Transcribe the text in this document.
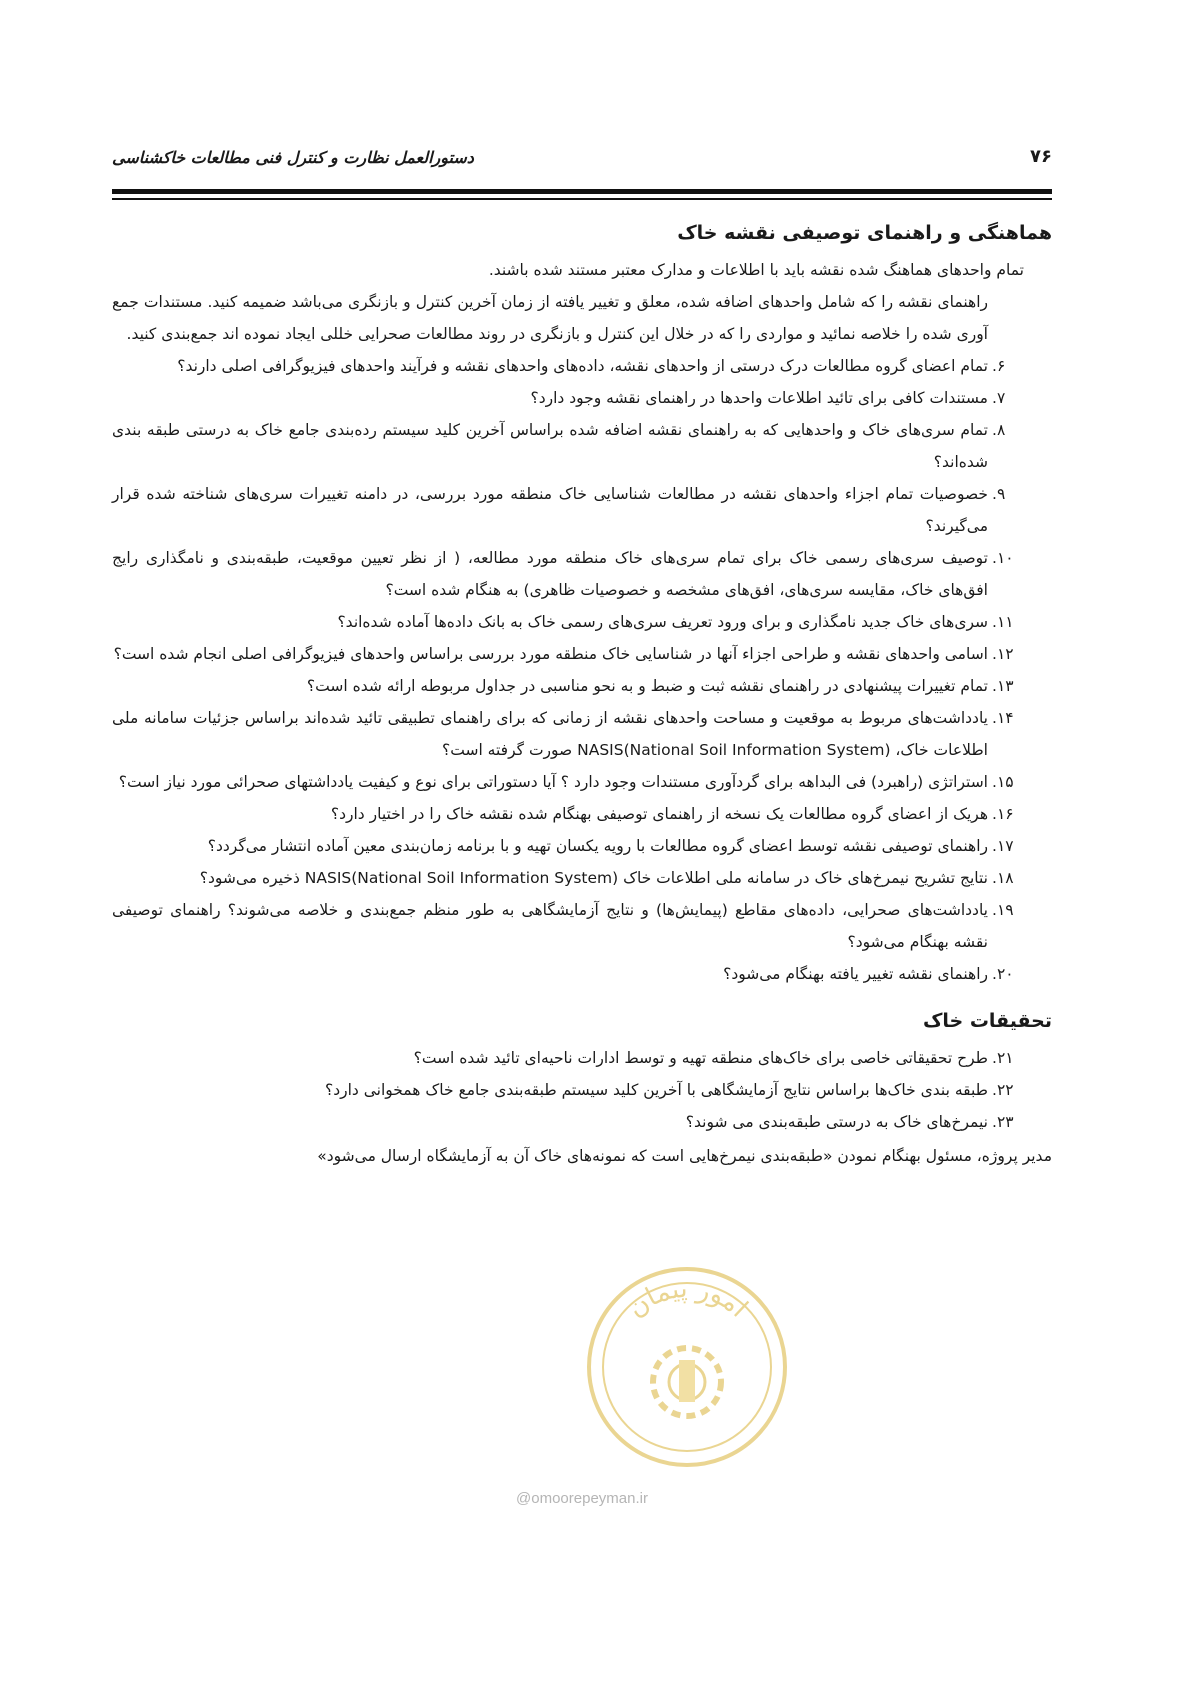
۷۶
دستورالعمل نظارت و کنترل فنی مطالعات خاکشناسی
هماهنگی و راهنمای توصیفی نقشه خاک

تمام واحدهای هماهنگ شده نقشه باید با اطلاعات و مدارک معتبر مستند شده باشند.

راهنمای نقشه را که شامل واحدهای اضافه شده، معلق و تغییر یافته از زمان آخرین کنترل و بازنگری می‌باشد ضمیمه کنید. مستندات جمع آوری شده را خلاصه نمائید و مواردی را که در خلال این کنترل و بازنگری در روند مطالعات صحرایی خللی ایجاد نموده اند جمع‌بندی کنید.

۶.
تمام اعضای گروه مطالعات درک درستی از واحدهای نقشه، داده‌های واحدهای نقشه و فرآیند واحدهای فیزیوگرافی اصلی دارند؟
۷.
مستندات کافی برای تائید اطلاعات واحدها در راهنمای نقشه وجود دارد؟
۸.
تمام سری‌های خاک و واحدهایی که به راهنمای نقشه اضافه شده براساس آخرین کلید سیستم رده‌بندی جامع خاک به درستی طبقه بندی شده‌اند؟
۹.
خصوصیات تمام اجزاء واحدهای نقشه در مطالعات شناسایی خاک منطقه مورد بررسی، در دامنه تغییرات سری‌های شناخته شده قرار می‌گیرند؟
۱۰.
توصیف سری‌های رسمی خاک برای تمام سری‌های خاک منطقه مورد مطالعه، ( از نظر تعیین موقعیت، طبقه‌بندی و نامگذاری رایج افق‌های خاک، مقایسه سری‌های، افق‌های مشخصه و خصوصیات ظاهری) به هنگام شده است؟
۱۱.
سری‌های خاک جدید نامگذاری و برای ورود تعریف سری‌های رسمی خاک به بانک داده‌ها آماده شده‌اند؟
۱۲.
اسامی واحدهای نقشه و طراحی اجزاء آنها در شناسایی خاک منطقه مورد بررسی براساس واحدهای فیزیوگرافی اصلی انجام شده است؟
۱۳.
تمام تغییرات پیشنهادی در راهنمای نقشه ثبت و ضبط و به نحو مناسبی در جداول مربوطه ارائه شده است؟
۱۴.
یادداشت‌های مربوط به موقعیت و مساحت واحدهای نقشه از زمانی که برای راهنمای تطبیقی تائید شده‌اند براساس جزئیات سامانه ملی اطلاعات خاک، NASIS(National Soil Information System) صورت گرفته است؟
۱۵.
استراتژی (راهبرد) فی البداهه برای گردآوری مستندات وجود دارد ؟ آیا دستوراتی برای نوع و کیفیت یادداشتهای صحرائی مورد نیاز است؟
۱۶.
هریک از اعضای گروه مطالعات یک نسخه از راهنمای توصیفی بهنگام شده نقشه خاک را در اختیار دارد؟
۱۷.
راهنمای توصیفی نقشه توسط اعضای گروه مطالعات با رویه یکسان تهیه و با برنامه زمان‌بندی معین آماده انتشار می‌گردد؟
۱۸.
نتایج تشریح نیمرخ‌های خاک در سامانه ملی اطلاعات خاک NASIS(National Soil Information System) ذخیره می‌شود؟
۱۹.
یادداشت‌های صحرایی، داده‌های مقاطع (پیمایش‌ها) و نتایج آزمایشگاهی به طور منظم جمع‌بندی و خلاصه می‌شوند؟ راهنمای توصیفی نقشه بهنگام می‌شود؟
۲۰.
راهنمای نقشه تغییر یافته بهنگام می‌شود؟
تحقیقات خاک
۲۱.
طرح تحقیقاتی خاصی برای خاک‌های منطقه تهیه و توسط ادارات ناحیه‌ای تائید شده است؟
۲۲.
طبقه بندی خاک‌ها براساس نتایج آزمایشگاهی با آخرین کلید سیستم طبقه‌بندی جامع خاک همخوانی دارد؟
۲۳.
نیمرخ‌های خاک به درستی طبقه‌بندی می شوند؟

مدیر پروژه، مسئول بهنگام نمودن «طبقه‌بندی نیمرخ‌هایی است که نمونه‌های خاک آن به آزمایشگاه ارسال می‌شود»

امور پیمان
@omoorepeyman.ir
